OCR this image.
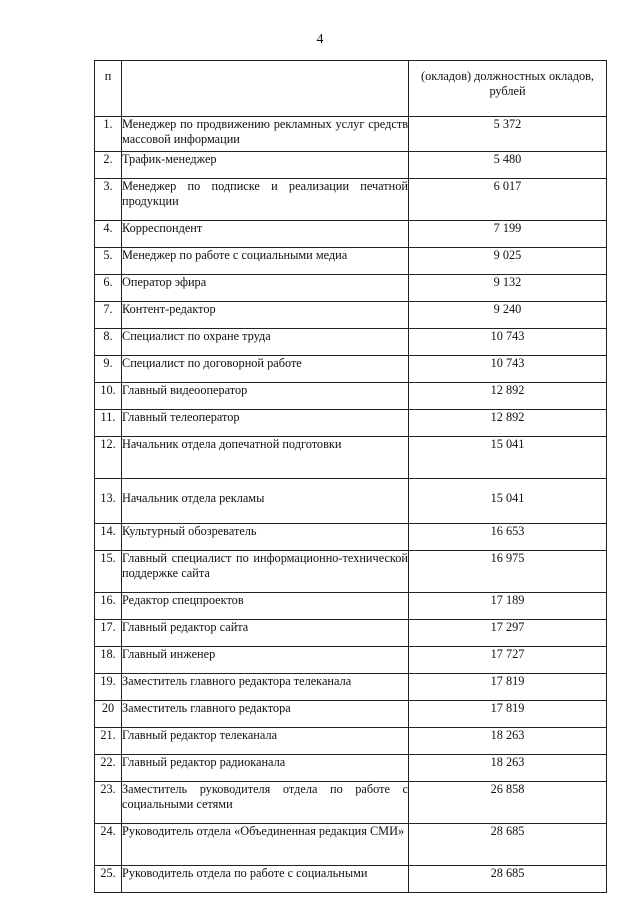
4
п		(окладов) должностных окладов, рублей
1.	Менеджер по продвижению рекламных услуг средств массовой информации	5 372
2.	Трафик-менеджер	5 480
3.	Менеджер по подписке и реализации печатной продукции	6 017
4.	Корреспондент	7 199
5.	Менеджер по работе с социальными медиа	9 025
6.	Оператор эфира	9 132
7.	Контент-редактор	9 240
8.	Специалист по охране труда	10 743
9.	Специалист по договорной работе	10 743
10.	Главный видеооператор	12 892
11.	Главный телеоператор	12 892
12.	Начальник отдела допечатной подготовки	15 041
13.	Начальник отдела рекламы	15 041
14.	Культурный обозреватель	16 653
15.	Главный специалист по информационно-технической поддержке сайта	16 975
16.	Редактор спецпроектов	17 189
17.	Главный редактор сайта	17 297
18.	Главный инженер	17 727
19.	Заместитель главного редактора телеканала	17 819
20	Заместитель главного редактора	17 819
21.	Главный редактор телеканала	18 263
22.	Главный редактор радиоканала	18 263
23.	Заместитель руководителя отдела по работе с социальными сетями	26 858
24.	Руководитель отдела «Объединенная редакция СМИ»	28 685
25.	Руководитель отдела по работе с социальными	28 685
